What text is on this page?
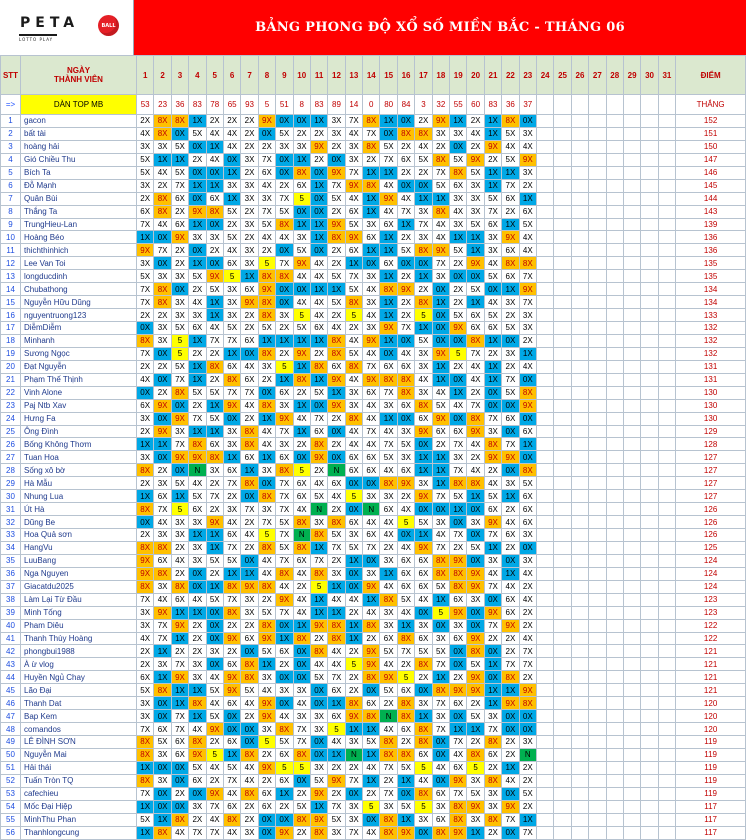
PETA	BALL
LOTTO PLAY
BẢNG PHONG ĐỘ XỔ SỐ MIỀN BẮC - THÁNG 06
STT	NGÀY
THÀNH VIÊN	1	2	3	4	5	6	7	8	9	10	11	12	13	14	15	16	17	18	19	20	21	22	23	24	25	26	27	28	29	30	31	ĐIỂM
=>	DÀN TOP MB	53	23	36	83	78	65	93	5	51	8	83	89	14	0	80	84	3	32	55	60	83	36	37									THẮNG
1	gacon	2X	8X	8X	1X	2X	2X	2X	9X	0X	0X	1X	3X	7X	8X	1X	0X	2X	9X	1X	2X	1X	8X	0X									152
2	bất tài	4X	8X	0X	5X	4X	4X	2X	0X	5X	2X	2X	3X	4X	7X	0X	8X	8X	3X	3X	4X	1X	5X	3X									151
3	hoàng hải	3X	3X	5X	0X	1X	4X	2X	2X	3X	3X	9X	2X	3X	8X	5X	2X	4X	2X	0X	2X	9X	4X	4X									150
4	Gió Chiều Thu	5X	1X	1X	2X	4X	0X	3X	7X	0X	1X	2X	0X	3X	2X	7X	6X	5X	8X	5X	9X	2X	5X	9X									147
5	Bích Ta	5X	4X	5X	0X	0X	1X	2X	6X	0X	8X	0X	9X	7X	1X	1X	2X	2X	7X	8X	5X	1X	1X	3X									146
6	Đỗ Mạnh	3X	2X	7X	1X	1X	3X	3X	4X	2X	6X	1X	7X	9X	8X	4X	0X	0X	5X	6X	3X	1X	7X	2X									145
7	Quân Bùi	2X	8X	6X	0X	6X	1X	3X	3X	7X	5	0X	5X	4X	1X	9X	4X	1X	1X	3X	3X	5X	6X	1X									144
8	Thắng Ta	6X	8X	2X	9X	8X	5X	2X	7X	5X	0X	0X	2X	6X	1X	4X	7X	3X	8X	4X	3X	7X	2X	6X									143
9	TrungHieu-Lan	7X	4X	6X	1X	0X	2X	3X	5X	8X	1X	1X	9X	5X	3X	6X	1X	7X	4X	3X	5X	6X	1X	5X									139
10	Hoàng Béo	1X	0X	9X	3X	3X	5X	2X	4X	4X	3X	1X	8X	9X	6X	1X	2X	3X	4X	1X	1X	3X	9X	4X									136
11	thichthinhich	9X	7X	2X	0X	2X	4X	3X	2X	0X	5X	0X	2X	6X	1X	1X	5X	8X	9X	5X	1X	3X	6X	4X									136
12	Lee Van Toi	3X	0X	2X	1X	0X	6X	3X	5	7X	9X	4X	2X	1X	0X	6X	0X	0X	7X	2X	9X	4X	8X	8X									135
13	longducdinh	5X	3X	3X	5X	9X	5	1X	8X	8X	4X	4X	5X	7X	3X	1X	2X	1X	3X	0X	0X	5X	6X	7X									135
14	Chubathong	7X	8X	0X	2X	5X	3X	6X	9X	0X	0X	1X	1X	5X	4X	8X	9X	2X	0X	2X	5X	0X	1X	9X									134
15	Nguyễn Hữu Dũng	7X	8X	3X	4X	1X	3X	9X	8X	0X	4X	4X	5X	8X	3X	1X	2X	8X	1X	2X	1X	4X	3X	7X									134
16	nguyentruong123	2X	2X	3X	3X	1X	3X	2X	8X	3X	5	4X	2X	5	4X	1X	2X	5	0X	5X	6X	5X	2X	3X									133
17	DiễmDiễm	0X	3X	5X	6X	4X	5X	2X	5X	2X	5X	6X	4X	2X	3X	9X	7X	1X	0X	9X	6X	6X	5X	3X									132
18	Minhanh	8X	3X	5	1X	7X	7X	6X	1X	1X	1X	1X	8X	4X	9X	1X	0X	5X	0X	0X	8X	1X	0X	2X									132
19	Sương Ngọc	7X	0X	5	2X	2X	1X	0X	8X	2X	9X	2X	8X	5X	4X	0X	4X	3X	9X	5	7X	2X	3X	1X									132
20	Đạt Nguyễn	2X	2X	5X	1X	8X	6X	4X	3X	5	1X	8X	6X	8X	7X	6X	6X	3X	1X	2X	4X	1X	2X	4X									131
21	Phạm Thế Thịnh	4X	0X	7X	1X	2X	8X	6X	2X	1X	8X	1X	9X	4X	9X	8X	8X	4X	1X	0X	4X	1X	7X	0X									131
22	Vinh Alone	0X	2X	8X	5X	5X	7X	7X	0X	6X	2X	5X	1X	3X	6X	7X	8X	3X	4X	1X	2X	0X	5X	8X									130
23	Paj Ntb Xav	6X	9X	0X	2X	1X	9X	4X	8X	3X	1X	0X	9X	3X	4X	3X	6X	8X	5X	4X	7X	0X	0X	9X									130
24	Hưng Fa	3X	0X	9X	7X	5X	0X	2X	1X	9X	4X	7X	2X	8X	4X	1X	0X	6X	9X	0X	8X	7X	6X	0X									130
25	Ông Đình	2X	9X	3X	1X	1X	3X	8X	4X	7X	1X	6X	0X	4X	7X	4X	3X	9X	6X	6X	9X	3X	0X	6X									129
26	Bống Không Thơm	1X	1X	7X	8X	6X	3X	8X	4X	3X	2X	8X	2X	4X	4X	7X	5X	0X	2X	7X	4X	8X	7X	1X									128
27	Tuan Hoa	3X	0X	9X	9X	8X	1X	6X	1X	6X	0X	9X	0X	6X	6X	5X	3X	1X	1X	3X	2X	9X	9X	0X									127
28	Sống xô bờ	8X	2X	0X	N	3X	6X	1X	3X	8X	5	2X	N	6X	6X	4X	6X	1X	1X	7X	4X	2X	0X	8X									127
29	Hà Mẫu	2X	3X	5X	4X	2X	7X	8X	0X	7X	6X	4X	6X	0X	0X	8X	9X	3X	1X	8X	8X	4X	3X	5X									127
30	Nhung Lua	1X	6X	1X	5X	7X	2X	0X	8X	7X	6X	5X	4X	5	3X	3X	2X	9X	7X	5X	1X	5X	1X	6X									127
31	Út Hà	8X	7X	5	6X	2X	3X	7X	3X	7X	4X	N	2X	0X	N	6X	4X	0X	0X	1X	0X	6X	2X	6X									126
32	Dũng Be	0X	4X	3X	3X	9X	4X	2X	7X	5X	8X	3X	8X	6X	4X	4X	5	5X	3X	0X	3X	9X	4X	6X									126
33	Hoa Quả sơn	2X	3X	3X	1X	1X	6X	4X	5	7X	N	8X	5X	3X	6X	4X	0X	1X	4X	7X	0X	7X	6X	3X									126
34	HangVu	8X	8X	2X	3X	1X	7X	2X	8X	5X	8X	1X	7X	5X	7X	2X	4X	9X	7X	2X	5X	1X	2X	0X									125
35	LuuBang	9X	6X	4X	3X	5X	5X	0X	4X	7X	6X	7X	2X	1X	0X	3X	6X	6X	8X	9X	0X	3X	0X	3X									124
36	Nga Nguyen	9X	8X	2X	0X	2X	1X	1X	4X	8X	4X	8X	3X	0X	3X	1X	6X	6X	8X	8X	9X	4X	1X	4X									124
37	Giacatdu2025	8X	3X	8X	0X	1X	8X	9X	8X	4X	2X	5	1X	0X	9X	4X	6X	6X	5X	8X	9X	7X	4X	2X									124
38	Làm Lại Từ Đầu	7X	4X	6X	4X	5X	7X	3X	2X	9X	4X	1X	4X	4X	1X	8X	5X	4X	1X	6X	3X	0X	6X	4X									123
39	Minh Tống	3X	9X	1X	1X	0X	8X	3X	5X	7X	4X	1X	1X	2X	4X	3X	4X	0X	5	9X	0X	9X	6X	2X									123
40	Pham Diêu	3X	7X	9X	2X	0X	2X	2X	8X	0X	1X	9X	8X	1X	8X	3X	1X	3X	0X	3X	0X	7X	9X	2X									122
41	Thanh Thùy Hoàng	4X	7X	1X	2X	0X	9X	6X	9X	1X	8X	2X	8X	1X	2X	6X	8X	6X	3X	6X	9X	2X	2X	4X									122
42	phongbui1988	2X	1X	2X	2X	3X	2X	0X	5X	6X	0X	8X	4X	2X	9X	5X	7X	5X	5X	0X	8X	0X	2X	7X									121
43	À ừ vlog	2X	3X	7X	3X	0X	6X	8X	1X	2X	0X	4X	4X	5	9X	4X	2X	8X	7X	0X	5X	1X	7X	7X									121
44	Huyền Ngủ Chay	6X	1X	9X	3X	4X	9X	8X	3X	0X	0X	5X	7X	2X	8X	9X	5	2X	1X	2X	9X	0X	8X	2X									121
45	Lão Đại	5X	8X	1X	1X	5X	9X	5X	4X	3X	3X	0X	6X	2X	0X	5X	6X	0X	8X	9X	9X	1X	1X	9X									121
46	Thanh Dat	3X	0X	1X	8X	4X	6X	4X	9X	0X	4X	0X	1X	8X	6X	2X	8X	3X	7X	6X	2X	1X	9X	8X									120
47	Bap Kem	3X	0X	7X	1X	5X	0X	2X	9X	4X	3X	3X	6X	9X	8X	N	8X	1X	3X	0X	5X	3X	0X	0X									120
48	comandos	7X	6X	7X	4X	9X	0X	0X	3X	8X	7X	3X	5	1X	1X	4X	6X	8X	7X	1X	1X	7X	0X	0X									120
49	LÊ ĐÌNH SƠN	8X	5X	6X	8X	2X	6X	0X	5	5X	7X	0X	4X	3X	5X	8X	2X	8X	0X	7X	2X	8X	2X	3X									119
50	Nguyễn Mai	8X	3X	6X	9X	5	1X	8X	2X	6X	8X	0X	1X	N	1X	8X	8X	6X	0X	4X	8X	6X	2X	N									119
51	Hải thái	1X	0X	0X	5X	4X	5X	4X	9X	5	5	3X	2X	2X	4X	7X	5X	5	4X	6X	5	2X	1X	2X									119
52	Tuấn Tròn TQ	8X	3X	0X	6X	2X	7X	4X	2X	6X	0X	5X	9X	7X	1X	2X	1X	4X	0X	9X	3X	8X	4X	2X									119
53	cafechieu	7X	0X	2X	0X	9X	4X	8X	6X	1X	2X	9X	2X	0X	2X	7X	0X	8X	6X	7X	5X	3X	0X	5X									119
54	Mốc Đại Hiệp	1X	0X	0X	3X	7X	6X	2X	6X	2X	5X	1X	7X	3X	5	3X	5X	5	3X	8X	9X	3X	9X	2X									117
55	MinhThu Phan	5X	1X	8X	2X	4X	8X	2X	0X	0X	8X	9X	5X	3X	0X	8X	1X	3X	6X	8X	3X	8X	7X	1X									117
56	Thanhlongcung	1X	8X	4X	7X	7X	4X	3X	0X	9X	2X	8X	3X	7X	4X	8X	9X	0X	8X	9X	1X	2X	0X	7X									117
